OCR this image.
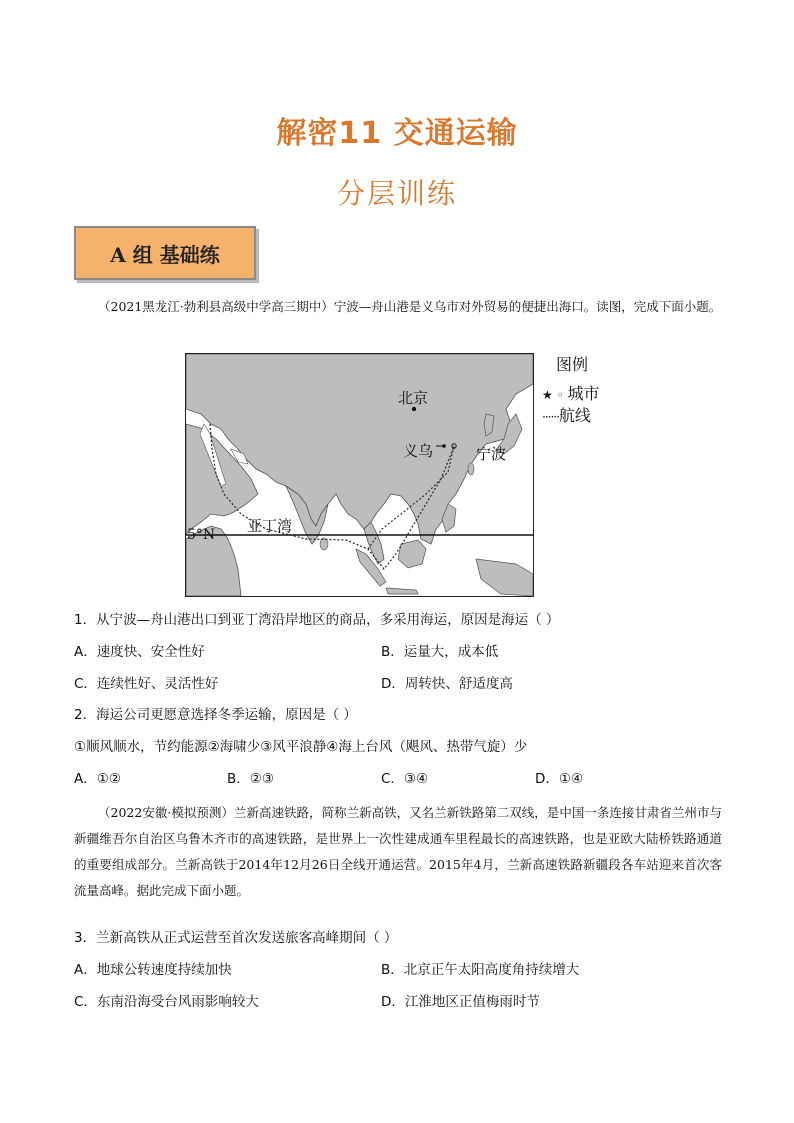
解密11 交通运输
分层训练
A 组 基础练
（2021黑龙江·勃利县高级中学高三期中）宁波—舟山港是义乌市对外贸易的便捷出海口。读图，完成下面小题。
北京
义乌	宁波
亚丁湾
5°N
图例
★ ◦ 城市
······航线
1．从宁波—舟山港出口到亚丁湾沿岸地区的商品，多采用海运，原因是海运（ ）
A．速度快、安全性好	B．运量大，成本低
C．连续性好、灵活性好	D．周转快、舒适度高
2．海运公司更愿意选择冬季运输，原因是（ ）
①顺风顺水，节约能源②海啸少③风平浪静④海上台风（飓风、热带气旋）少
A．①②	B．②③	C．③④	D．①④
（2022安徽·模拟预测）兰新高速铁路，简称兰新高铁，又名兰新铁路第二双线，是中国一条连接甘肃省兰州市与新疆维吾尔自治区乌鲁木齐市的高速铁路，是世界上一次性建成通车里程最长的高速铁路，也是亚欧大陆桥铁路通道的重要组成部分。兰新高铁于2014年12月26日全线开通运营。2015年4月，兰新高速铁路新疆段各车站迎来首次客流量高峰。据此完成下面小题。
3．兰新高铁从正式运营至首次发送旅客高峰期间（ ）
A．地球公转速度持续加快	B．北京正午太阳高度角持续增大
C．东南沿海受台风雨影响较大	D．江淮地区正值梅雨时节
